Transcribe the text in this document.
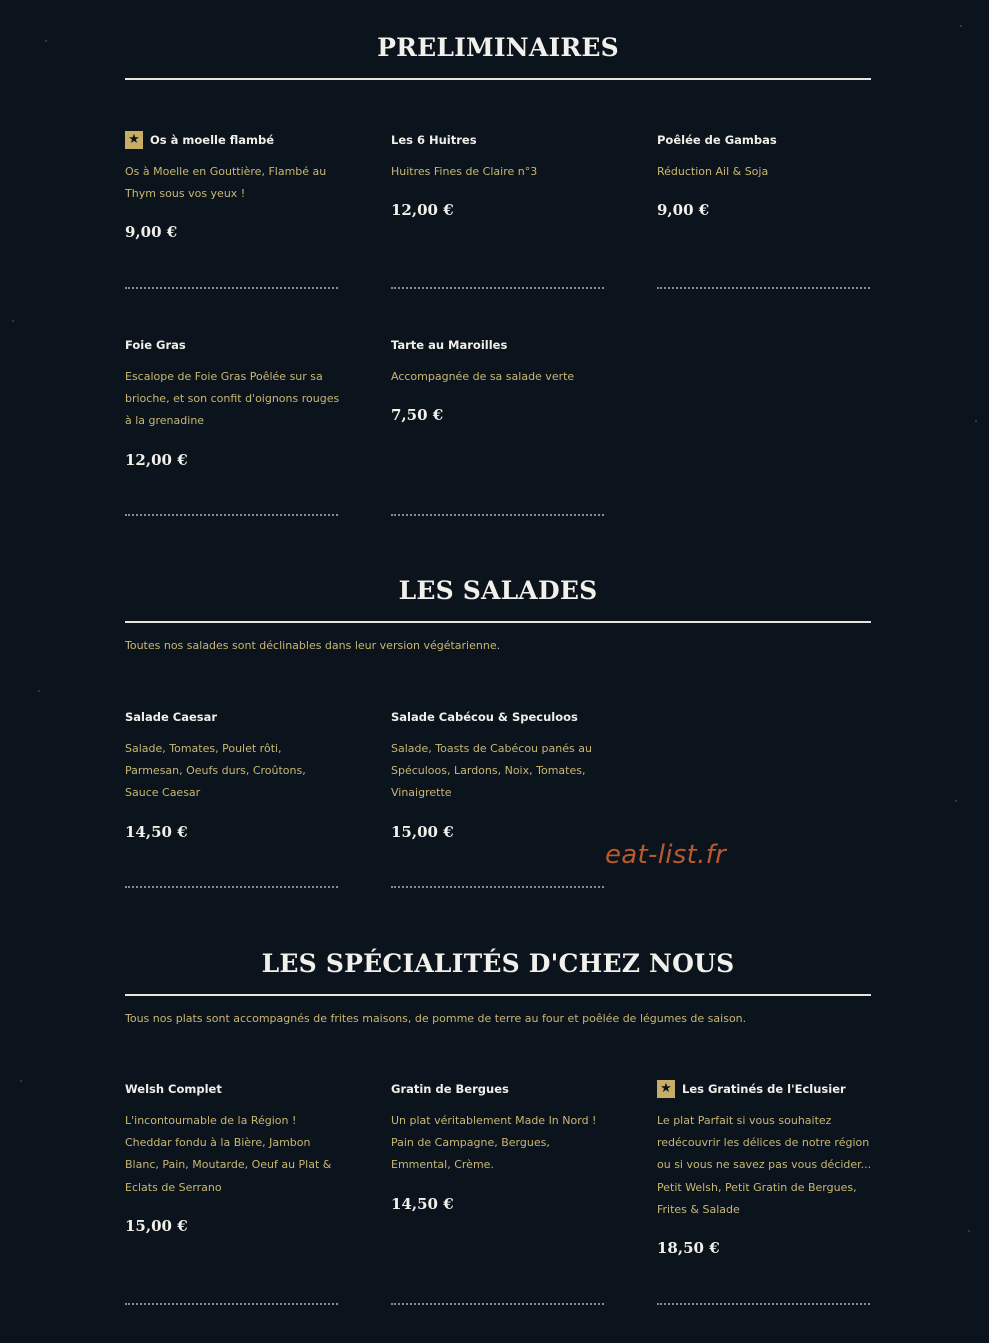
PRELIMINAIRES
★ Os à moelle flambé
Os à Moelle en Gouttière, Flambé au Thym sous vos yeux !
9,00 €
Les 6 Huitres
Huitres Fines de Claire n°3
12,00 €
Poêlée de Gambas
Réduction Ail & Soja
9,00 €
Foie Gras
Escalope de Foie Gras Poêlée sur sa brioche, et son confit d'oignons rouges à la grenadine
12,00 €
Tarte au Maroilles
Accompagnée de sa salade verte
7,50 €
LES SALADES
Toutes nos salades sont déclinables dans leur version végétarienne.
Salade Caesar
Salade, Tomates, Poulet rôti, Parmesan, Oeufs durs, Croûtons, Sauce Caesar
14,50 €
Salade Cabécou & Speculoos
Salade, Toasts de Cabécou panés au Spéculoos, Lardons, Noix, Tomates, Vinaigrette
15,00 €
eat-list.fr
LES SPÉCIALITÉS D'CHEZ NOUS
Tous nos plats sont accompagnés de frites maisons, de pomme de terre au four et poêlée de légumes de saison.
Welsh Complet
L'incontournable de la Région ! Cheddar fondu à la Bière, Jambon Blanc, Pain, Moutarde, Oeuf au Plat & Eclats de Serrano
15,00 €
Gratin de Bergues
Un plat véritablement Made In Nord ! Pain de Campagne, Bergues, Emmental, Crème.
14,50 €
★ Les Gratinés de l'Eclusier
Le plat Parfait si vous souhaitez redécouvrir les délices de notre région ou si vous ne savez pas vous décider... Petit Welsh, Petit Gratin de Bergues, Frites & Salade
18,50 €
